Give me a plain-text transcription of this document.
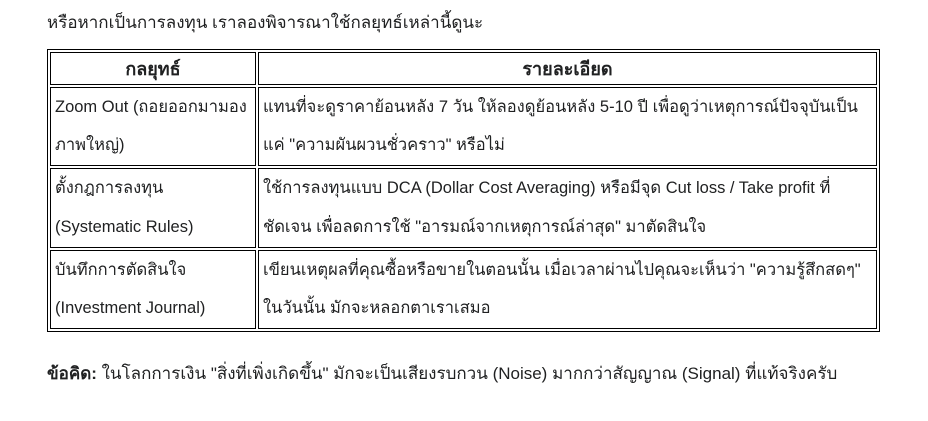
หรือหากเป็นการลงทุน เราลองพิจารณาใช้กลยุทธ์เหล่านี้ดูนะ

กลยุทธ์	รายละเอียด
Zoom Out (ถอยออกมามองภาพใหญ่)	แทนที่จะดูราคาย้อนหลัง 7 วัน ให้ลองดูย้อนหลัง 5-10 ปี เพื่อดูว่าเหตุการณ์ปัจจุบันเป็นแค่ "ความผันผวนชั่วคราว" หรือไม่
ตั้งกฎการลงทุน (Systematic Rules)	ใช้การลงทุนแบบ DCA (Dollar Cost Averaging) หรือมีจุด Cut loss / Take profit ที่ชัดเจน เพื่อลดการใช้ "อารมณ์จากเหตุการณ์ล่าสุด" มาตัดสินใจ
บันทึกการตัดสินใจ (Investment Journal)	เขียนเหตุผลที่คุณซื้อหรือขายในตอนนั้น เมื่อเวลาผ่านไปคุณจะเห็นว่า "ความรู้สึกสดๆ" ในวันนั้น มักจะหลอกตาเราเสมอ

ข้อคิด: ในโลกการเงิน "สิ่งที่เพิ่งเกิดขึ้น" มักจะเป็นเสียงรบกวน (Noise) มากกว่าสัญญาณ (Signal) ที่แท้จริงครับ
